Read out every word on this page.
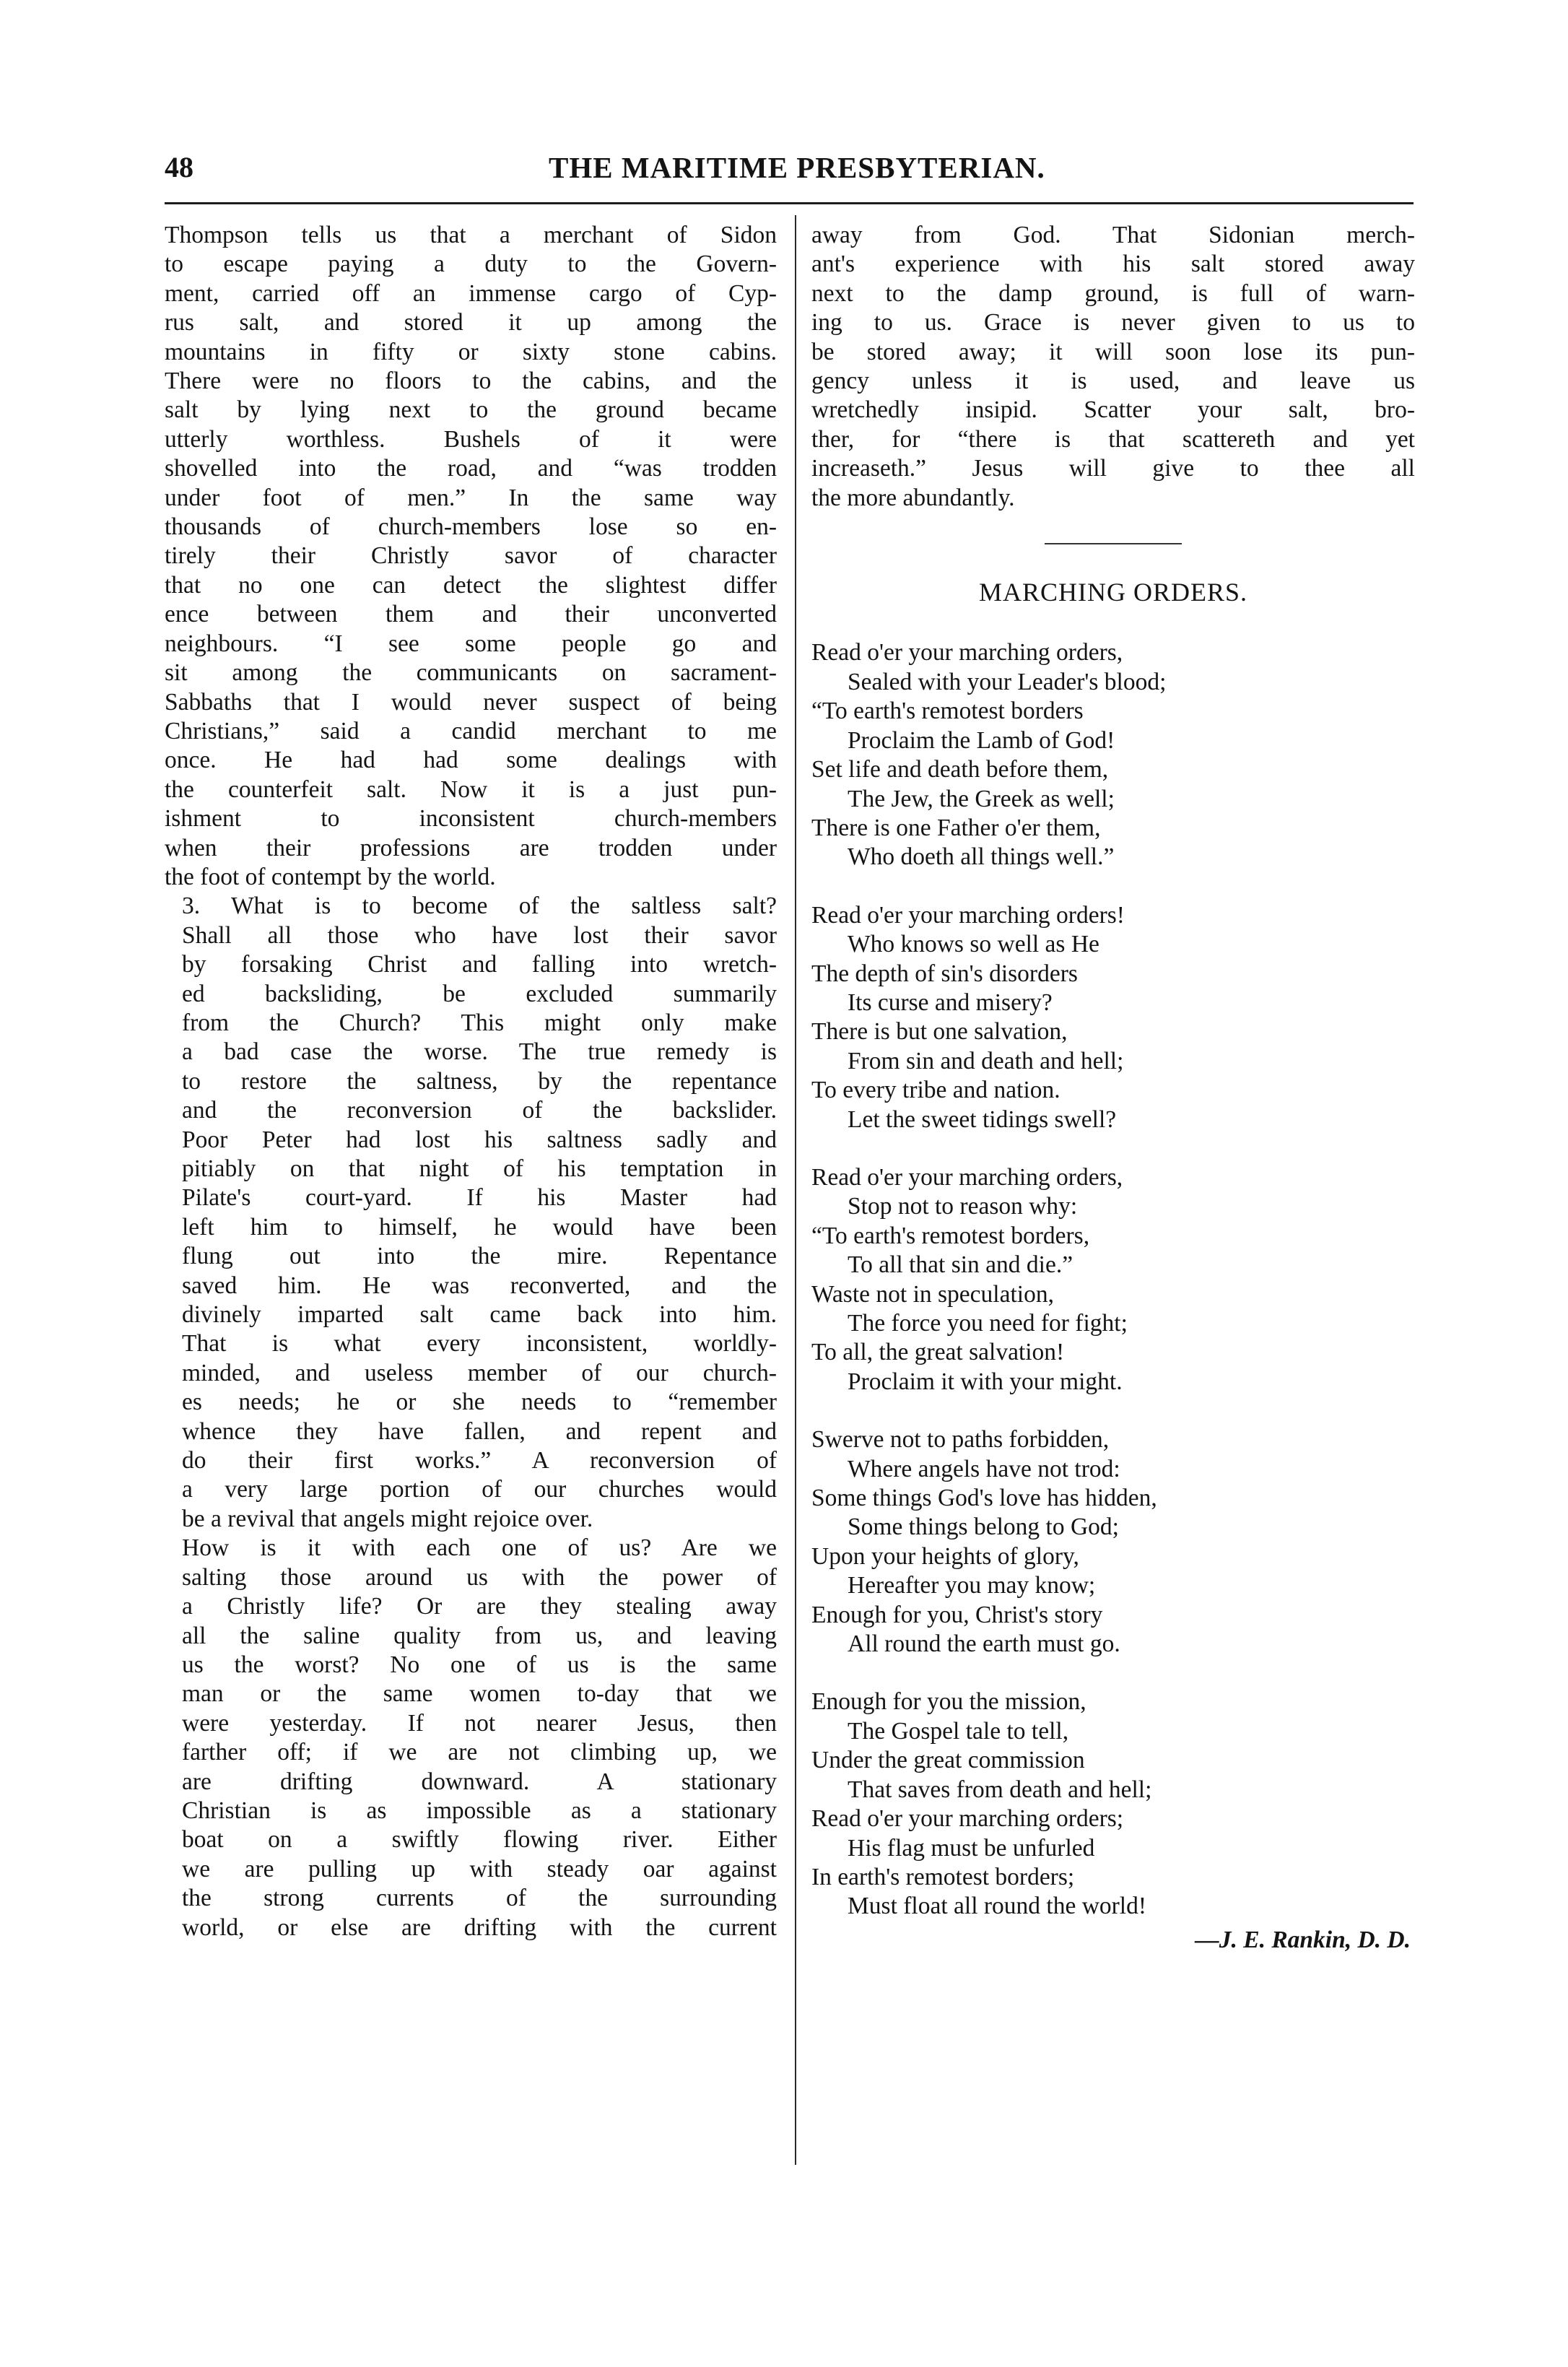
48	THE MARITIME PRESBYTERIAN.

Thompson tells us that a merchant of Sidon
to escape paying a duty to the Govern-
ment, carried off an immense cargo of Cyp-
rus salt, and stored it up among the
mountains in fifty or sixty stone cabins.
There were no floors to the cabins, and the
salt by lying next to the ground became
utterly worthless. Bushels of it were
shovelled into the road, and “was trodden
under foot of men.” In the same way
thousands of church-members lose so en-
tirely their Christly savor of character
that no one can detect the slightest differ
ence between them and their unconverted
neighbours. “I see some people go and
sit among the communicants on sacrament-
Sabbaths that I would never suspect of being
Christians,” said a candid merchant to me
once. He had had some dealings with
the counterfeit salt. Now it is a just pun-
ishment to inconsistent church-members
when their professions are trodden under
the foot of contempt by the world.

3. What is to become of the saltless salt?
Shall all those who have lost their savor
by forsaking Christ and falling into wretch-
ed backsliding, be excluded summarily
from the Church? This might only make
a bad case the worse. The true remedy is
to restore the saltness, by the repentance
and the reconversion of the backslider.
Poor Peter had lost his saltness sadly and
pitiably on that night of his temptation in
Pilate's court-yard. If his Master had
left him to himself, he would have been
flung out into the mire. Repentance
saved him. He was reconverted, and the
divinely imparted salt came back into him.
That is what every inconsistent, worldly-
minded, and useless member of our church-
es needs; he or she needs to “remember
whence they have fallen, and repent and
do their first works.” A reconversion of
a very large portion of our churches would
be a revival that angels might rejoice over.

How is it with each one of us? Are we
salting those around us with the power of
a Christly life? Or are they stealing away
all the saline quality from us, and leaving
us the worst? No one of us is the same
man or the same women to-day that we
were yesterday. If not nearer Jesus, then
farther off; if we are not climbing up, we
are drifting downward. A stationary
Christian is as impossible as a stationary
boat on a swiftly flowing river. Either
we are pulling up with steady oar against
the strong currents of the surrounding
world, or else are drifting with the current

away from God. That Sidonian merch-
ant's experience with his salt stored away
next to the damp ground, is full of warn-
ing to us. Grace is never given to us to
be stored away; it will soon lose its pun-
gency unless it is used, and leave us
wretchedly insipid. Scatter your salt, bro-
ther, for “there is that scattereth and yet
increaseth.” Jesus will give to thee all

the more abundantly.

MARCHING ORDERS.
Read o'er your marching orders,
Sealed with your Leader's blood;
“To earth's remotest borders
Proclaim the Lamb of God!
Set life and death before them,
The Jew, the Greek as well;
There is one Father o'er them,
Who doeth all things well.”
Read o'er your marching orders!
Who knows so well as He
The depth of sin's disorders
Its curse and misery?
There is but one salvation,
From sin and death and hell;
To every tribe and nation.
Let the sweet tidings swell?
Read o'er your marching orders,
Stop not to reason why:
“To earth's remotest borders,
To all that sin and die.”
Waste not in speculation,
The force you need for fight;
To all, the great salvation!
Proclaim it with your might.
Swerve not to paths forbidden,
Where angels have not trod:
Some things God's love has hidden,
Some things belong to God;
Upon your heights of glory,
Hereafter you may know;
Enough for you, Christ's story
All round the earth must go.
Enough for you the mission,
The Gospel tale to tell,
Under the great commission
That saves from death and hell;
Read o'er your marching orders;
His flag must be unfurled
In earth's remotest borders;
Must float all round the world!
—J. E. Rankin, D. D.
